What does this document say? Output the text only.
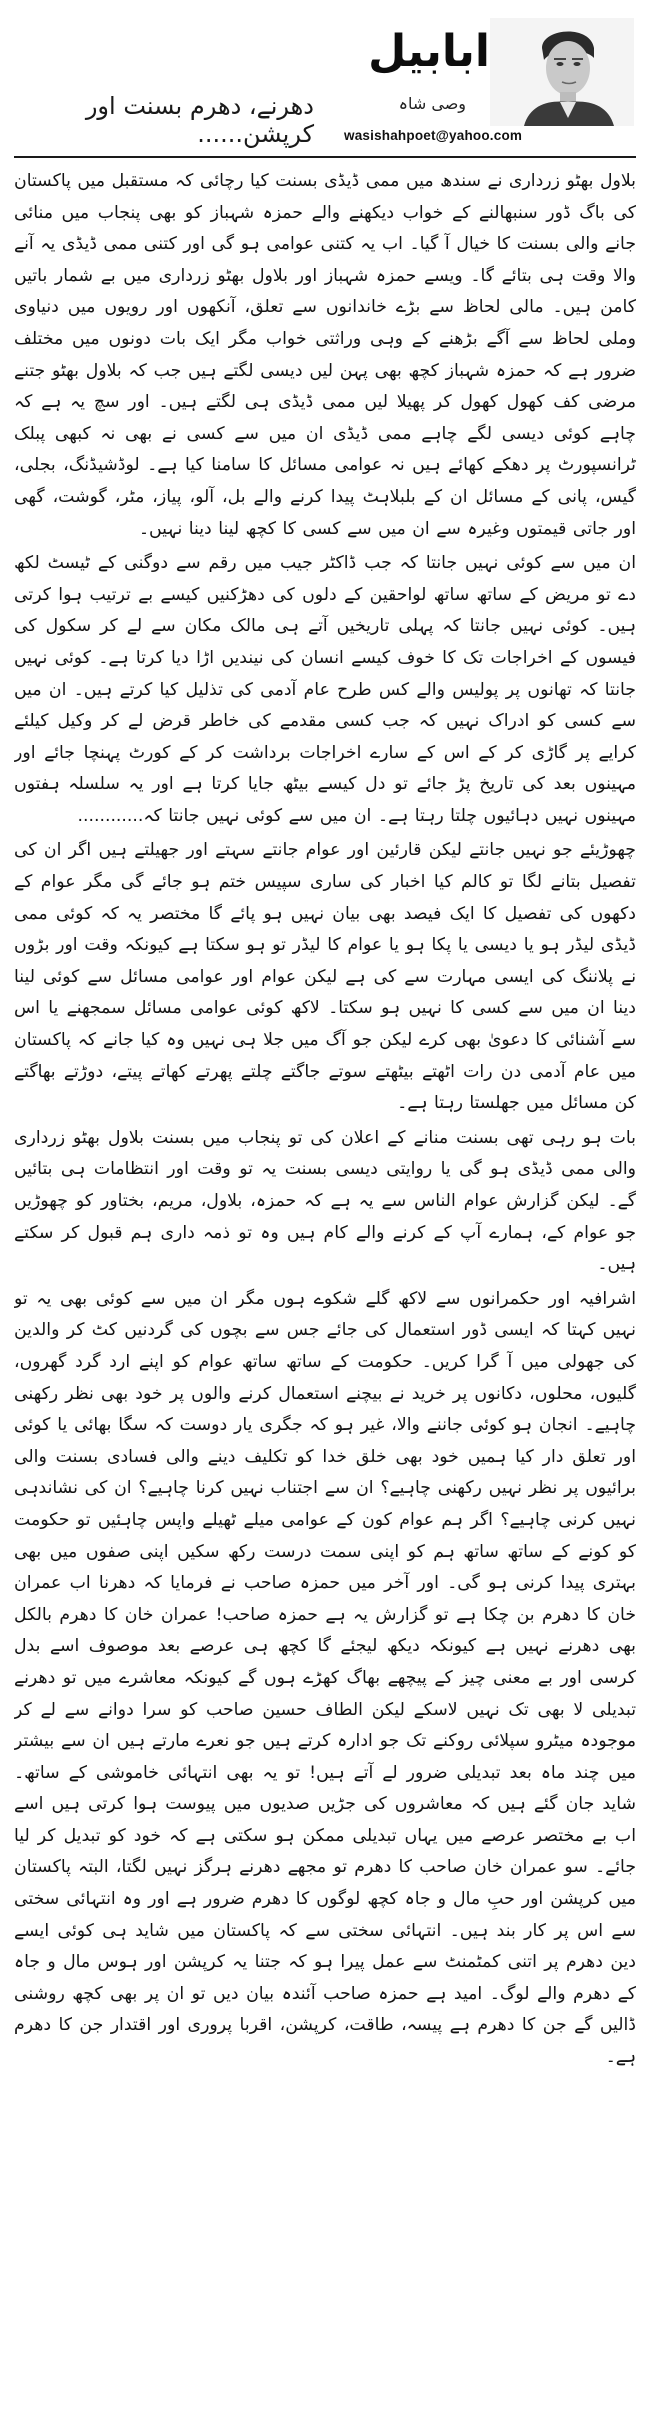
دھرنے، دھرم بسنت اور کرپشن......
ابابیل
وصی شاہ
wasishahpoet@yahoo.com

بلاول بھٹو زرداری نے سندھ میں ممی ڈیڈی بسنت کیا رچائی کہ مستقبل میں پاکستان کی باگ ڈور سنبھالنے کے خواب دیکھنے والے حمزہ شہباز کو بھی پنجاب میں منائی جانے والی بسنت کا خیال آ گیا۔ اب یہ کتنی عوامی ہو گی اور کتنی ممی ڈیڈی یہ آنے والا وقت ہی بتائے گا۔ ویسے حمزہ شہباز اور بلاول بھٹو زرداری میں بے شمار باتیں کامن ہیں۔ مالی لحاظ سے بڑے خاندانوں سے تعلق، آنکھوں اور رویوں میں دنیاوی وملی لحاظ سے آگے بڑھنے کے وہی وراثتی خواب مگر ایک بات دونوں میں مختلف ضرور ہے کہ حمزہ شہباز کچھ بھی پہن لیں دیسی لگتے ہیں جب کہ بلاول بھٹو جتنے مرضی کف کھول کھول کر پھیلا لیں ممی ڈیڈی ہی لگتے ہیں۔ اور سچ یہ ہے کہ چاہے کوئی دیسی لگے چاہے ممی ڈیڈی ان میں سے کسی نے بھی نہ کبھی پبلک ٹرانسپورٹ پر دھکے کھائے ہیں نہ عوامی مسائل کا سامنا کیا ہے۔ لوڈشیڈنگ، بجلی، گیس، پانی کے مسائل ان کے بلبلاہٹ پیدا کرنے والے بل، آلو، پیاز، مٹر، گوشت، گھی اور جاتی قیمتوں وغیرہ سے ان میں سے کسی کا کچھ لینا دینا نہیں۔

ان میں سے کوئی نہیں جانتا کہ جب ڈاکٹر جیب میں رقم سے دوگنی کے ٹیسٹ لکھ دے تو مریض کے ساتھ ساتھ لواحقین کے دلوں کی دھڑکنیں کیسے بے ترتیب ہوا کرتی ہیں۔ کوئی نہیں جانتا کہ پہلی تاریخیں آتے ہی مالک مکان سے لے کر سکول کی فیسوں کے اخراجات تک کا خوف کیسے انسان کی نیندیں اڑا دیا کرتا ہے۔ کوئی نہیں جانتا کہ تھانوں پر پولیس والے کس طرح عام آدمی کی تذلیل کیا کرتے ہیں۔ ان میں سے کسی کو ادراک نہیں کہ جب کسی مقدمے کی خاطر قرض لے کر وکیل کیلئے کرایے پر گاڑی کر کے اس کے سارے اخراجات برداشت کر کے کورٹ پہنچا جائے اور مہینوں بعد کی تاریخ پڑ جائے تو دل کیسے بیٹھ جایا کرتا ہے اور یہ سلسلہ ہفتوں مہینوں نہیں دہائیوں چلتا رہتا ہے۔ ان میں سے کوئی نہیں جانتا کہ............

چھوڑیئے جو نہیں جانتے لیکن قارئین اور عوام جانتے سہتے اور جھیلتے ہیں اگر ان کی تفصیل بتانے لگا تو کالم کیا اخبار کی ساری سپیس ختم ہو جائے گی مگر عوام کے دکھوں کی تفصیل کا ایک فیصد بھی بیان نہیں ہو پائے گا مختصر یہ کہ کوئی ممی ڈیڈی لیڈر ہو یا دیسی یا پکا ہو یا عوام کا لیڈر تو ہو سکتا ہے کیونکہ وقت اور بڑوں نے پلاننگ کی ایسی مہارت سے کی ہے لیکن عوام اور عوامی مسائل سے کوئی لینا دینا ان میں سے کسی کا نہیں ہو سکتا۔ لاکھ کوئی عوامی مسائل سمجھنے یا اس سے آشنائی کا دعویٰ بھی کرے لیکن جو آگ میں جلا ہی نہیں وہ کیا جانے کہ پاکستان میں عام آدمی دن رات اٹھتے بیٹھتے سوتے جاگتے چلتے پھرتے کھاتے پیتے، دوڑتے بھاگتے کن مسائل میں جھلستا رہتا ہے۔

بات ہو رہی تھی بسنت منانے کے اعلان کی تو پنجاب میں بسنت بلاول بھٹو زرداری والی ممی ڈیڈی ہو گی یا روایتی دیسی بسنت یہ تو وقت اور انتظامات ہی بتائیں گے۔ لیکن گزارش عوام الناس سے یہ ہے کہ حمزہ، بلاول، مریم، بختاور کو چھوڑیں جو عوام کے، ہمارے آپ کے کرنے والے کام ہیں وہ تو ذمہ داری ہم قبول کر سکتے ہیں۔

اشرافیہ اور حکمرانوں سے لاکھ گلے شکوے ہوں مگر ان میں سے کوئی بھی یہ تو نہیں کہتا کہ ایسی ڈور استعمال کی جائے جس سے بچوں کی گردنیں کٹ کر والدین کی جھولی میں آ گرا کریں۔ حکومت کے ساتھ ساتھ عوام کو اپنے ارد گرد گھروں، گلیوں، محلوں، دکانوں پر خرید نے بیچنے استعمال کرنے والوں پر خود بھی نظر رکھنی چاہیے۔ انجان ہو کوئی جاننے والا، غیر ہو کہ جگری یار دوست کہ سگا بھائی یا کوئی اور تعلق دار کیا ہمیں خود بھی خلق خدا کو تکلیف دینے والی فسادی بسنت والی برائیوں پر نظر نہیں رکھنی چاہیے؟ ان سے اجتناب نہیں کرنا چاہیے؟ ان کی نشاندہی نہیں کرنی چاہیے؟ اگر ہم عوام کون کے عوامی میلے ٹھیلے واپس چاہئیں تو حکومت کو کونے کے ساتھ ساتھ ہم کو اپنی سمت درست رکھ سکیں اپنی صفوں میں بھی بہتری پیدا کرنی ہو گی۔ اور آخر میں حمزہ صاحب نے فرمایا کہ دھرنا اب عمران خان کا دھرم بن چکا ہے تو گزارش یہ ہے حمزہ صاحب! عمران خان کا دھرم بالکل بھی دھرنے نہیں ہے کیونکہ دیکھ لیجئے گا کچھ ہی عرصے بعد موصوف اسے بدل کرسی اور بے معنی چیز کے پیچھے بھاگ کھڑے ہوں گے کیونکہ معاشرے میں تو دھرنے تبدیلی لا بھی تک نہیں لاسکے لیکن الطاف حسین صاحب کو سرا دوانے سے لے کر موجودہ میٹرو سپلائی روکنے تک جو ادارہ کرتے ہیں جو نعرے مارتے ہیں ان سے بیشتر میں چند ماہ بعد تبدیلی ضرور لے آتے ہیں! تو یہ بھی انتہائی خاموشی کے ساتھ۔ شاید جان گئے ہیں کہ معاشروں کی جڑیں صدیوں میں پیوست ہوا کرتی ہیں اسے اب بے مختصر عرصے میں یہاں تبدیلی ممکن ہو سکتی ہے کہ خود کو تبدیل کر لیا جائے۔ سو عمران خان صاحب کا دھرم تو مجھے دھرنے ہرگز نہیں لگتا، البتہ پاکستان میں کرپشن اور حبِ مال و جاہ کچھ لوگوں کا دھرم ضرور ہے اور وہ انتہائی سختی سے اس پر کار بند ہیں۔ انتہائی سختی سے کہ پاکستان میں شاید ہی کوئی ایسے دین دھرم پر اتنی کمٹمنٹ سے عمل پیرا ہو کہ جتنا یہ کرپشن اور ہوس مال و جاہ کے دھرم والے لوگ۔ امید ہے حمزہ صاحب آئندہ بیان دیں تو ان پر بھی کچھ روشنی ڈالیں گے جن کا دھرم ہے پیسہ، طاقت، کرپشن، اقربا پروری اور اقتدار جن کا دھرم ہے۔
